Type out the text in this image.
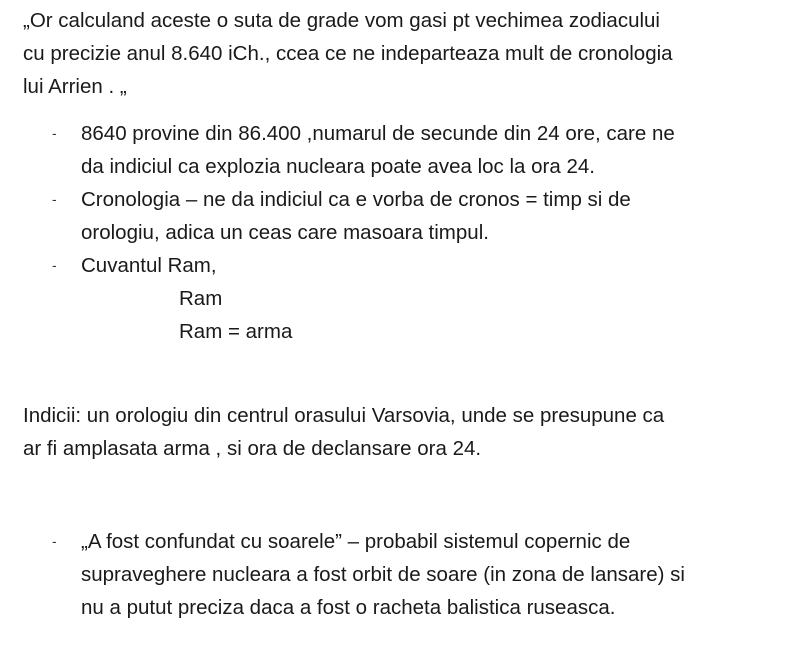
„Or calculand aceste o suta de grade vom gasi pt vechimea zodiacului
cu precizie anul 8.640 iCh., ccea ce ne indeparteaza mult de cronologia
lui Arrien . „

- 8640 provine din 86.400 ,numarul de secunde din 24 ore, care ne
da indiciul ca explozia nucleara poate avea loc la ora 24.
- Cronologia – ne da indiciul ca e vorba de cronos = timp si de
orologiu, adica un ceas care masoara timpul.
- Cuvantul Ram,
Ram
Ram = arma

Indicii: un orologiu din centrul orasului Varsovia, unde se presupune ca
ar fi amplasata arma , si ora de declansare ora 24.

- „A fost confundat cu soarele” – probabil sistemul copernic de
supraveghere nucleara a fost orbit de soare (in zona de lansare) si
nu a putut preciza daca a fost o racheta balistica ruseasca.
